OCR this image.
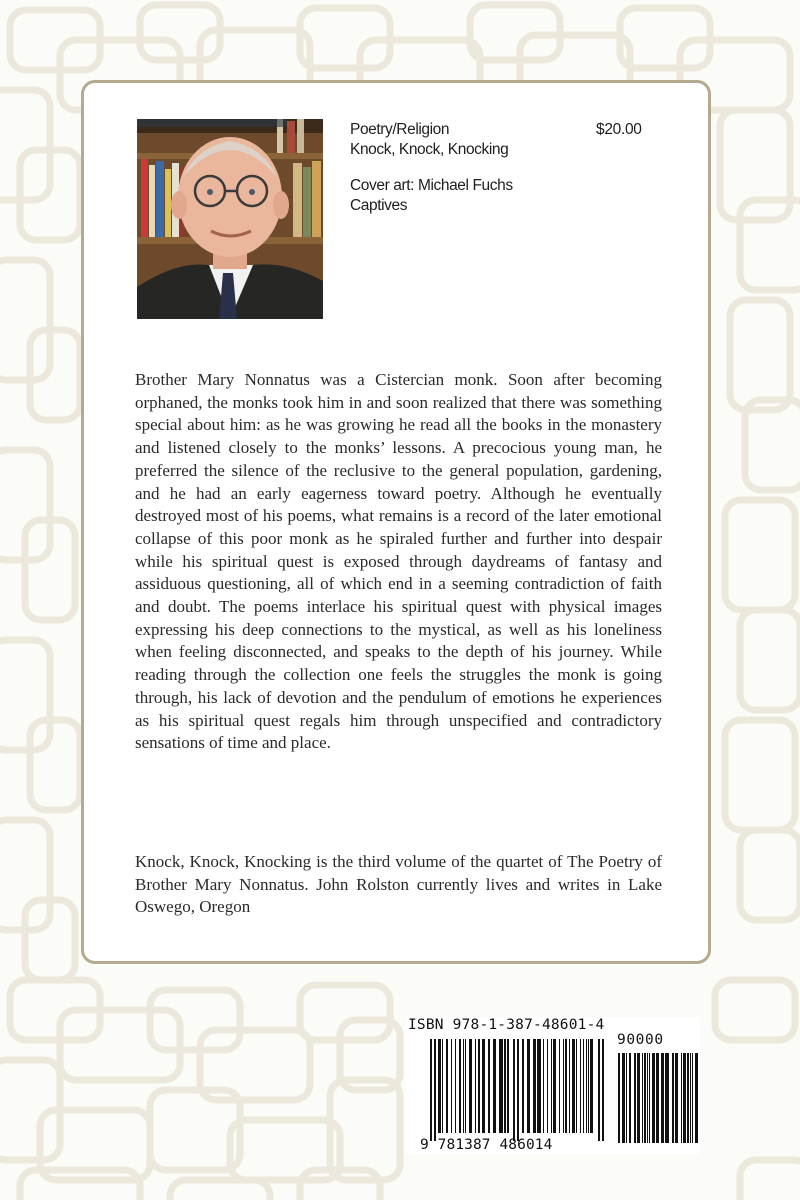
Poetry/Religion
Knock, Knock, Knocking
Cover art: Michael Fuchs
Captives
$20.00

Brother Mary Nonnatus was a Cistercian monk. Soon after becoming orphaned, the monks took him in and soon realized that there was something special about him: as he was growing he read all the books in the monastery and listened closely to the monks’ lessons. A precocious young man, he preferred the silence of the reclusive to the general population, gardening, and he had an early eagerness toward poetry. Although he eventually destroyed most of his poems, what remains is a record of the later emotional collapse of this poor monk as he spiraled further and further into despair while his spiritual quest is exposed through daydreams of fantasy and assiduous questioning, all of which end in a seeming contradiction of faith and doubt. The poems interlace his spiritual quest with physical images expressing his deep connections to the mystical, as well as his loneliness when feeling disconnected, and speaks to the depth of his journey. While reading through the collection one feels the struggles the monk is going through, his lack of devotion and the pendulum of emotions he experiences as his spiritual quest regals him through unspecified and contradictory sensations of time and place.

Knock, Knock, Knocking is the third volume of the quartet of The Poetry of Brother Mary Nonnatus. John Rolston currently lives and writes in Lake Oswego, Oregon

ISBN 978-1-387-48601-4
90000
9 781387 486014
